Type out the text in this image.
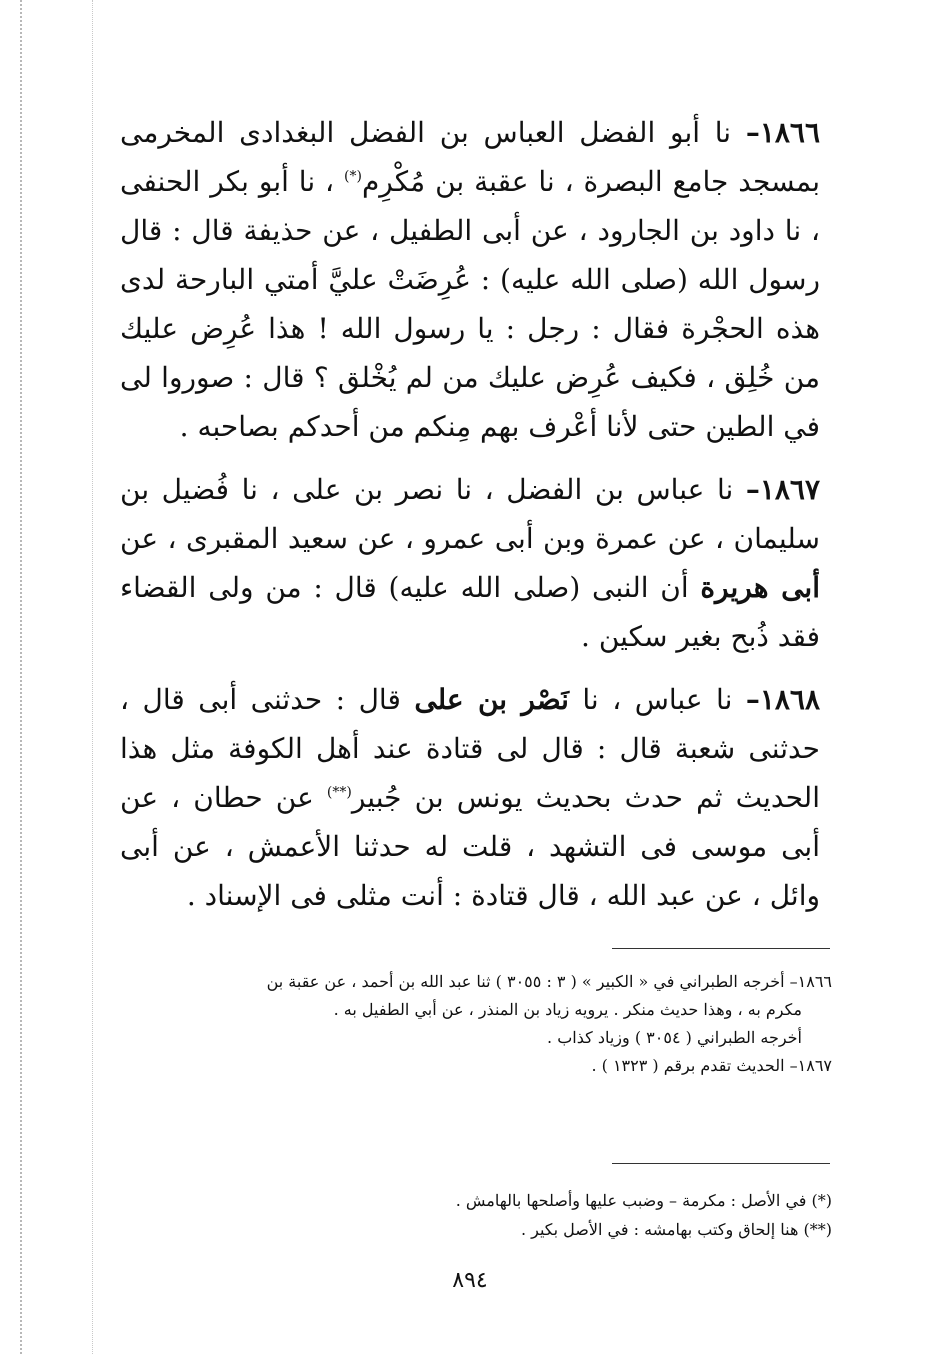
١٨٦٦– نا أبو الفضل العباس بن الفضل البغدادى المخرمى بمسجد جامع البصرة ، نا عقبة بن مُكْرِم(*) ، نا أبو بكر الحنفى ، نا داود بن الجارود ، عن أبى الطفيل ، عن حذيفة قال : قال رسول الله (صلى الله عليه) : عُرِضَتْ عليَّ أمتي البارحة لدى هذه الحجْرة فقال : رجل : يا رسول الله ! هذا عُرِض عليك من خُلِق ، فكيف عُرِض عليك من لم يُخْلق ؟ قال : صوروا لى في الطين حتى لأنا أعْرف بهم مِنكم من أحدكم بصاحبه .

١٨٦٧– نا عباس بن الفضل ، نا نصر بن على ، نا فُضيل بن سليمان ، عن عمرة وبن أبى عمرو ، عن سعيد المقبرى ، عن أبى هريرة أن النبى (صلى الله عليه) قال : من ولى القضاء فقد ذُبح بغير سكين .

١٨٦٨– نا عباس ، نا نَصْر بن على قال : حدثنى أبى قال ، حدثنى شعبة قال : قال لى قتادة عند أهل الكوفة مثل هذا الحديث ثم حدث بحديث يونس بن جُبير(**) عن حطان ، عن أبى موسى فى التشهد ، قلت له حدثنا الأعمش ، عن أبى وائل ، عن عبد الله ، قال قتادة : أنت مثلى فى الإسناد .

١٨٦٦– أخرجه الطبراني في « الكبير » ( ٣ : ٣٠٥٥ ) ثنا عبد الله بن أحمد ، عن عقبة بن

مكرم به ، وهذا حديث منكر . يرويه زياد بن المنذر ، عن أبي الطفيل به .

أخرجه الطبراني ( ٣٠٥٤ ) وزياد كذاب .

١٨٦٧– الحديث تقدم برقم ( ١٣٢٣ ) .

(*) في الأصل : مكرمة – وضبب عليها وأصلحها بالهامش .

(**) هنا إلحاق وكتب بهامشه : في الأصل بكير .

٨٩٤
